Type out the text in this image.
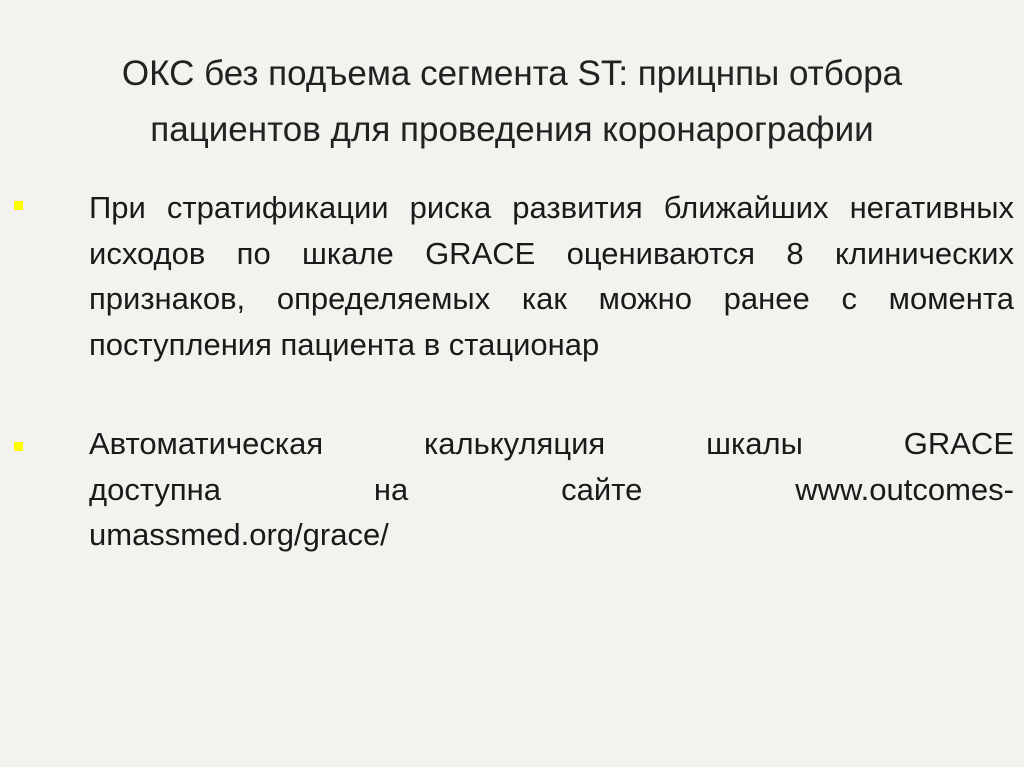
ОКС без подъема сегмента ST: прицнпы отбора
пациентов для проведения коронарографии
При стратификации риска развития ближайших негативных исходов по шкале GRACE оцениваются 8 клинических признаков, определяемых как можно ранее с момента поступления пациента в стационар
Автоматическая калькуляция шкалы GRACE
доступна на сайте www.outcomes-
umassmed.org/grace/
